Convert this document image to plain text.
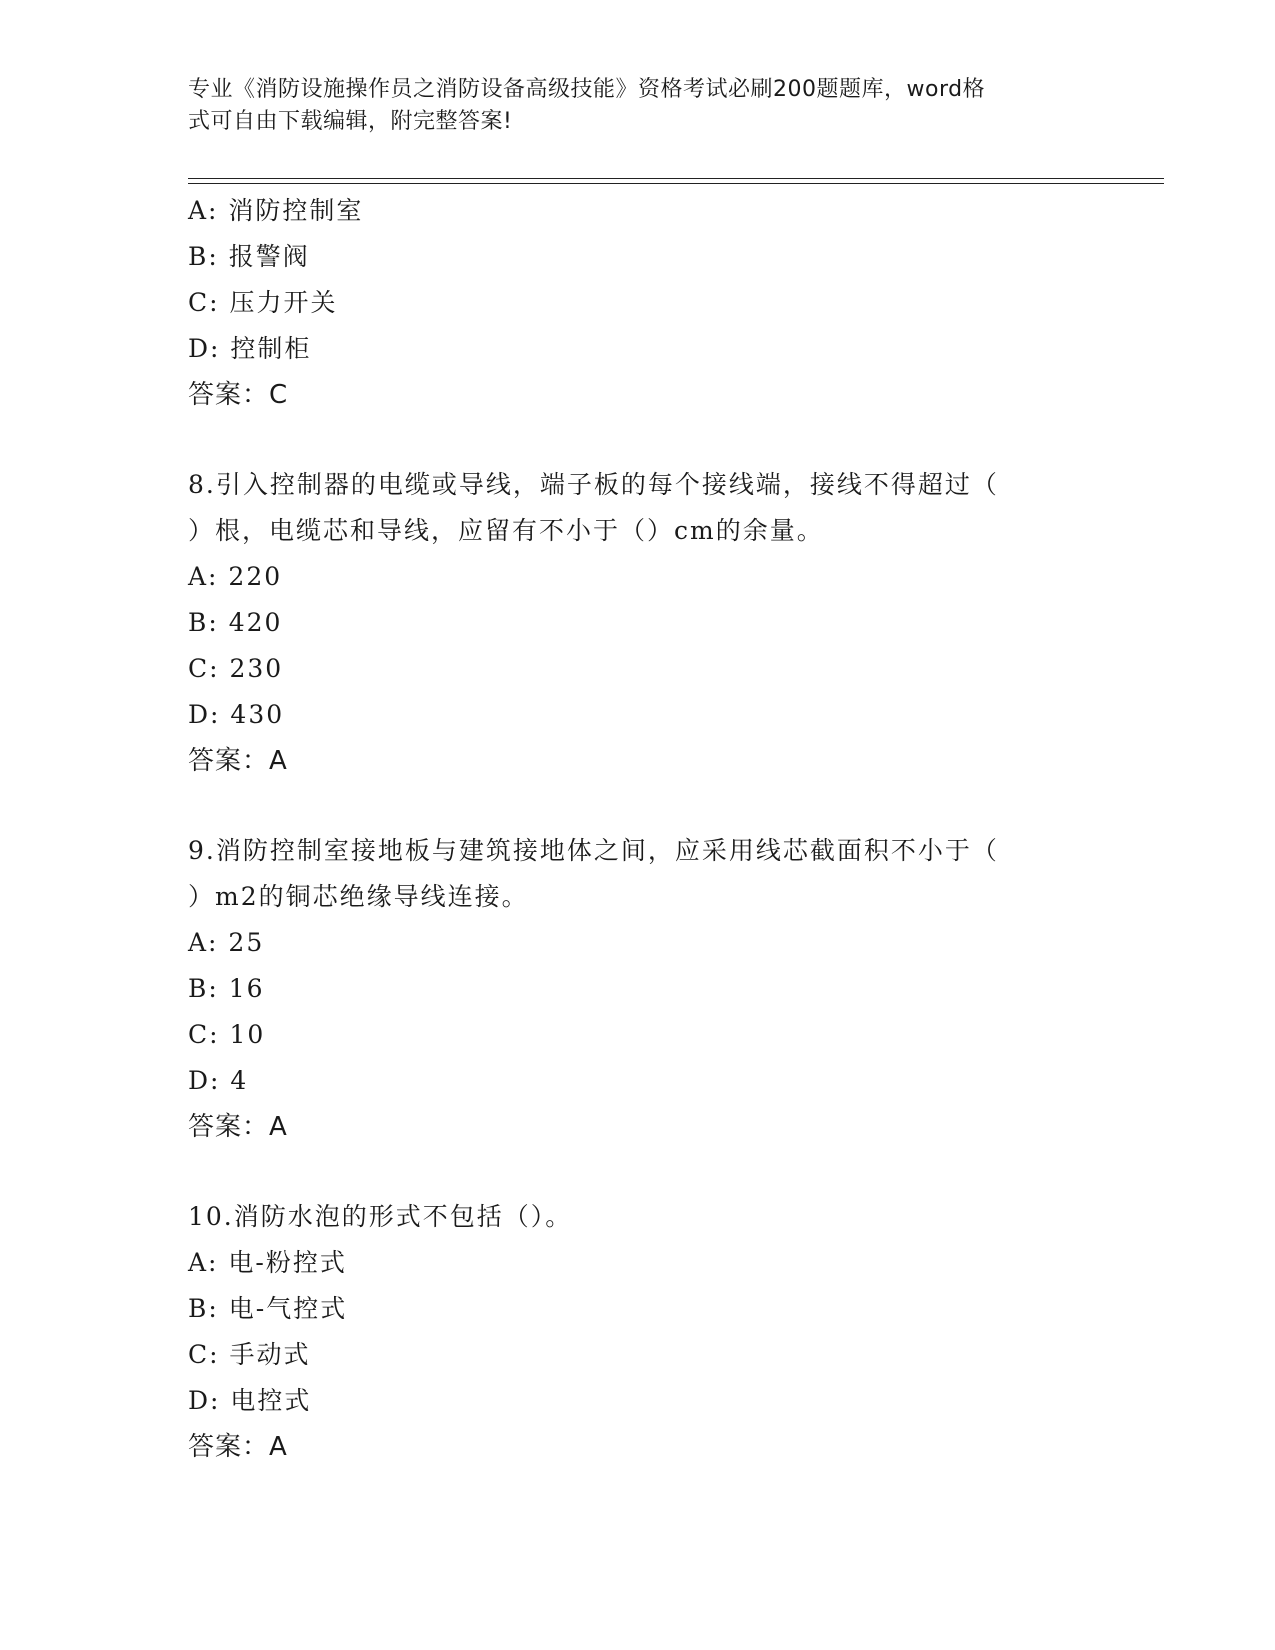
专业《消防设施操作员之消防设备高级技能》资格考试必刷200题题库，word格
式可自由下载编辑，附完整答案!
A: 消防控制室
B: 报警阀
C: 压力开关
D: 控制柜
答案：C
8.引入控制器的电缆或导线，端子板的每个接线端，接线不得超过（
）根，电缆芯和导线，应留有不小于（）cm的余量。
A: 220
B: 420
C: 230
D: 430
答案：A
9.消防控制室接地板与建筑接地体之间，应采用线芯截面积不小于（
）m2的铜芯绝缘导线连接。
A: 25
B: 16
C: 10
D: 4
答案：A
10.消防水泡的形式不包括（）。
A: 电-粉控式
B: 电-气控式
C: 手动式
D: 电控式
答案：A
